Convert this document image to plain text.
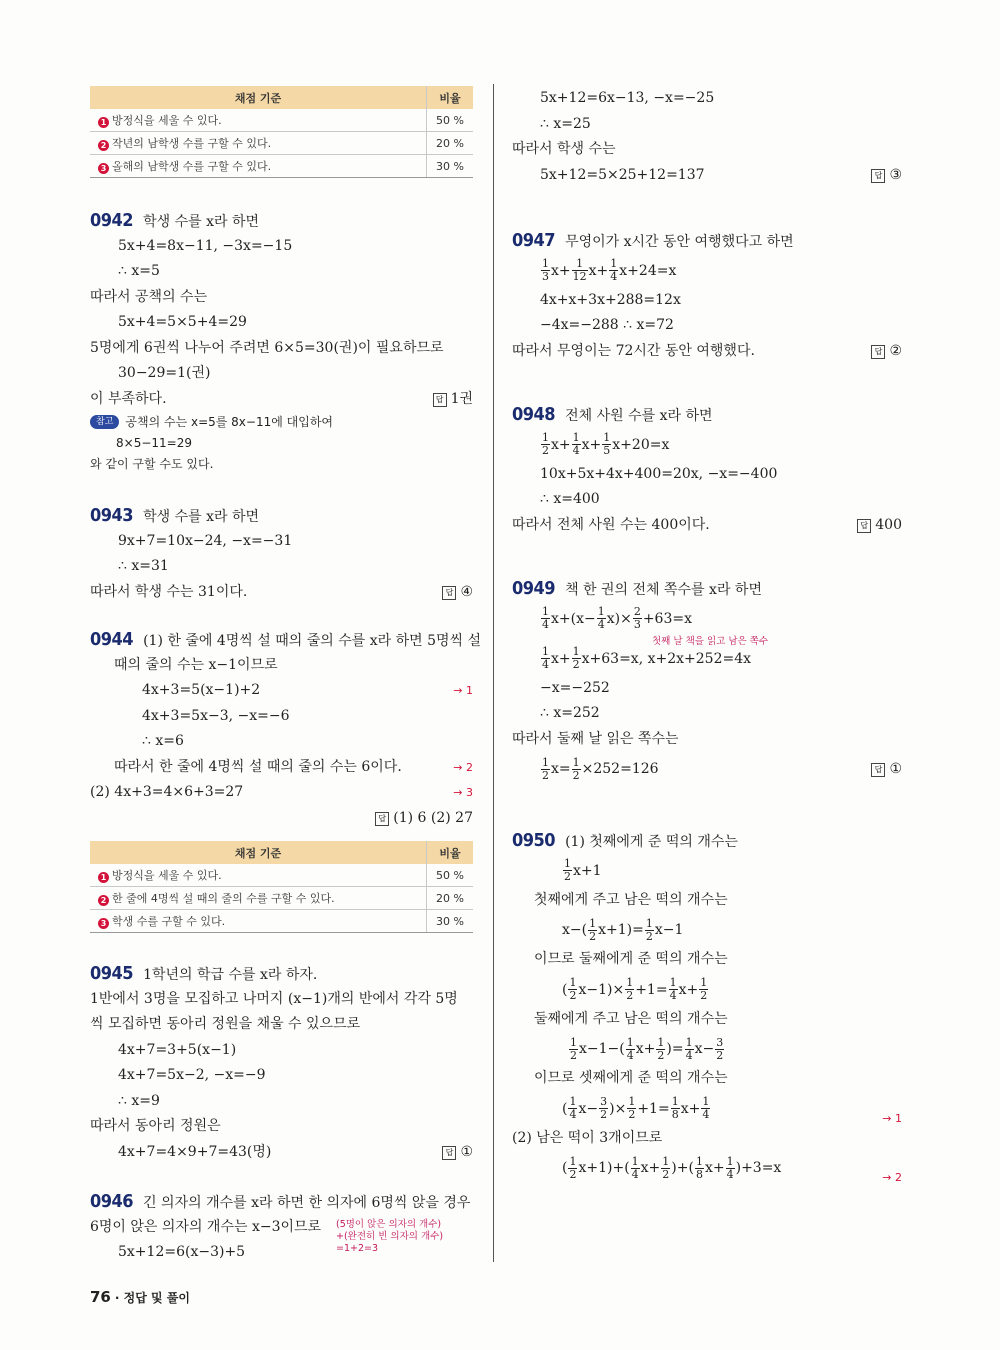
채점 기준	비율
1 방정식을 세울 수 있다.	50 %
2 작년의 남학생 수를 구할 수 있다.	20 %
3 올해의 남학생 수를 구할 수 있다.	30 %
0942 학생 수를 x라 하면
5x+4=8x−11, −3x=−15
∴ x=5
따라서 공책의 수는
5x+4=5×5+4=29
5명에게 6권씩 나누어 주려면 6×5=30(권)이 필요하므로
30−29=1(권)
이 부족하다.	답 1권
참고 공책의 수는 x=5를 8x−11에 대입하여
8×5−11=29
와 같이 구할 수도 있다.
0943 학생 수를 x라 하면
9x+7=10x−24, −x=−31
∴ x=31
따라서 학생 수는 31이다.	답 ④
0944 (1) 한 줄에 4명씩 설 때의 줄의 수를 x라 하면 5명씩 설
때의 줄의 수는 x−1이므로
4x+3=5(x−1)+2	→ 1
4x+3=5x−3, −x=−6
∴ x=6
따라서 한 줄에 4명씩 설 때의 줄의 수는 6이다.	→ 2
(2) 4x+3=4×6+3=27	→ 3
답 (1) 6 (2) 27
채점 기준	비율
1 방정식을 세울 수 있다.	50 %
2 한 줄에 4명씩 설 때의 줄의 수를 구할 수 있다.	20 %
3 학생 수를 구할 수 있다.	30 %
0945 1학년의 학급 수를 x라 하자.
1반에서 3명을 모집하고 나머지 (x−1)개의 반에서 각각 5명
씩 모집하면 동아리 정원을 채울 수 있으므로
4x+7=3+5(x−1)
4x+7=5x−2, −x=−9
∴ x=9
따라서 동아리 정원은
4x+7=4×9+7=43(명)	답 ①
0946 긴 의자의 개수를 x라 하면 한 의자에 6명씩 앉을 경우
6명이 앉은 의자의 개수는 x−3이므로
5x+12=6(x−3)+5
(5명이 앉은 의자의 개수)
+(완전히 빈 의자의 개수)
=1+2=3
5x+12=6x−13, −x=−25
∴ x=25
따라서 학생 수는
5x+12=5×25+12=137	답 ③
0947 무영이가 x시간 동안 여행했다고 하면
$\frac{1}{3} x+ \frac{1}{12} x+ \frac{1}{4} x+24=x$
4x+x+3x+288=12x
−4x=−288 ∴ x=72
따라서 무영이는 72시간 동안 여행했다.	답 ②
0948 전체 사원 수를 x라 하면
$\frac{1}{2} x+ \frac{1}{4} x+ \frac{1}{5} x+20=x$
10x+5x+4x+400=20x, −x=−400
∴ x=400
따라서 전체 사원 수는 400이다.	답 400
0949 책 한 권의 전체 쪽수를 x라 하면
$\frac{1}{4} x+(x- \frac{1}{4} x)\times \frac{2}{3} +63=x$
첫째 날 책을 읽고 남은 쪽수
$\frac{1}{4} x+ \frac{1}{2} x+63=x$, x+2x+252=4x
−x=−252
∴ x=252
따라서 둘째 날 읽은 쪽수는
$\frac{1}{2} x= \frac{1}{2} \times 252=126$	답 ①
0950 (1) 첫째에게 준 떡의 개수는
$\frac{1}{2} x+1$
첫째에게 주고 남은 떡의 개수는
$x-( \frac{1}{2} x+1)= \frac{1}{2} x-1$
이므로 둘째에게 준 떡의 개수는
( $\frac{1}{2} x-1)\times \frac{1}{2} +1= \frac{1}{4} x+ \frac{1}{2}$
둘째에게 주고 남은 떡의 개수는
$\frac{1}{2} x-1-( \frac{1}{4} x+ \frac{1}{2}$ )= $\frac{1}{4} x- \frac{3}{2}$
이므로 셋째에게 준 떡의 개수는
( $\frac{1}{4} x- \frac{3}{2}$ )× $\frac{1}{2} +1= \frac{1}{8} x+ \frac{1}{4}$	→ 1
(2) 남은 떡이 3개이므로
( $\frac{1}{2} x+1)+( \frac{1}{4} x+ \frac{1}{2}$ )+( $\frac{1}{8} x+ \frac{1}{4} )+3=x$
→ 2
76 · 정답 및 풀이
